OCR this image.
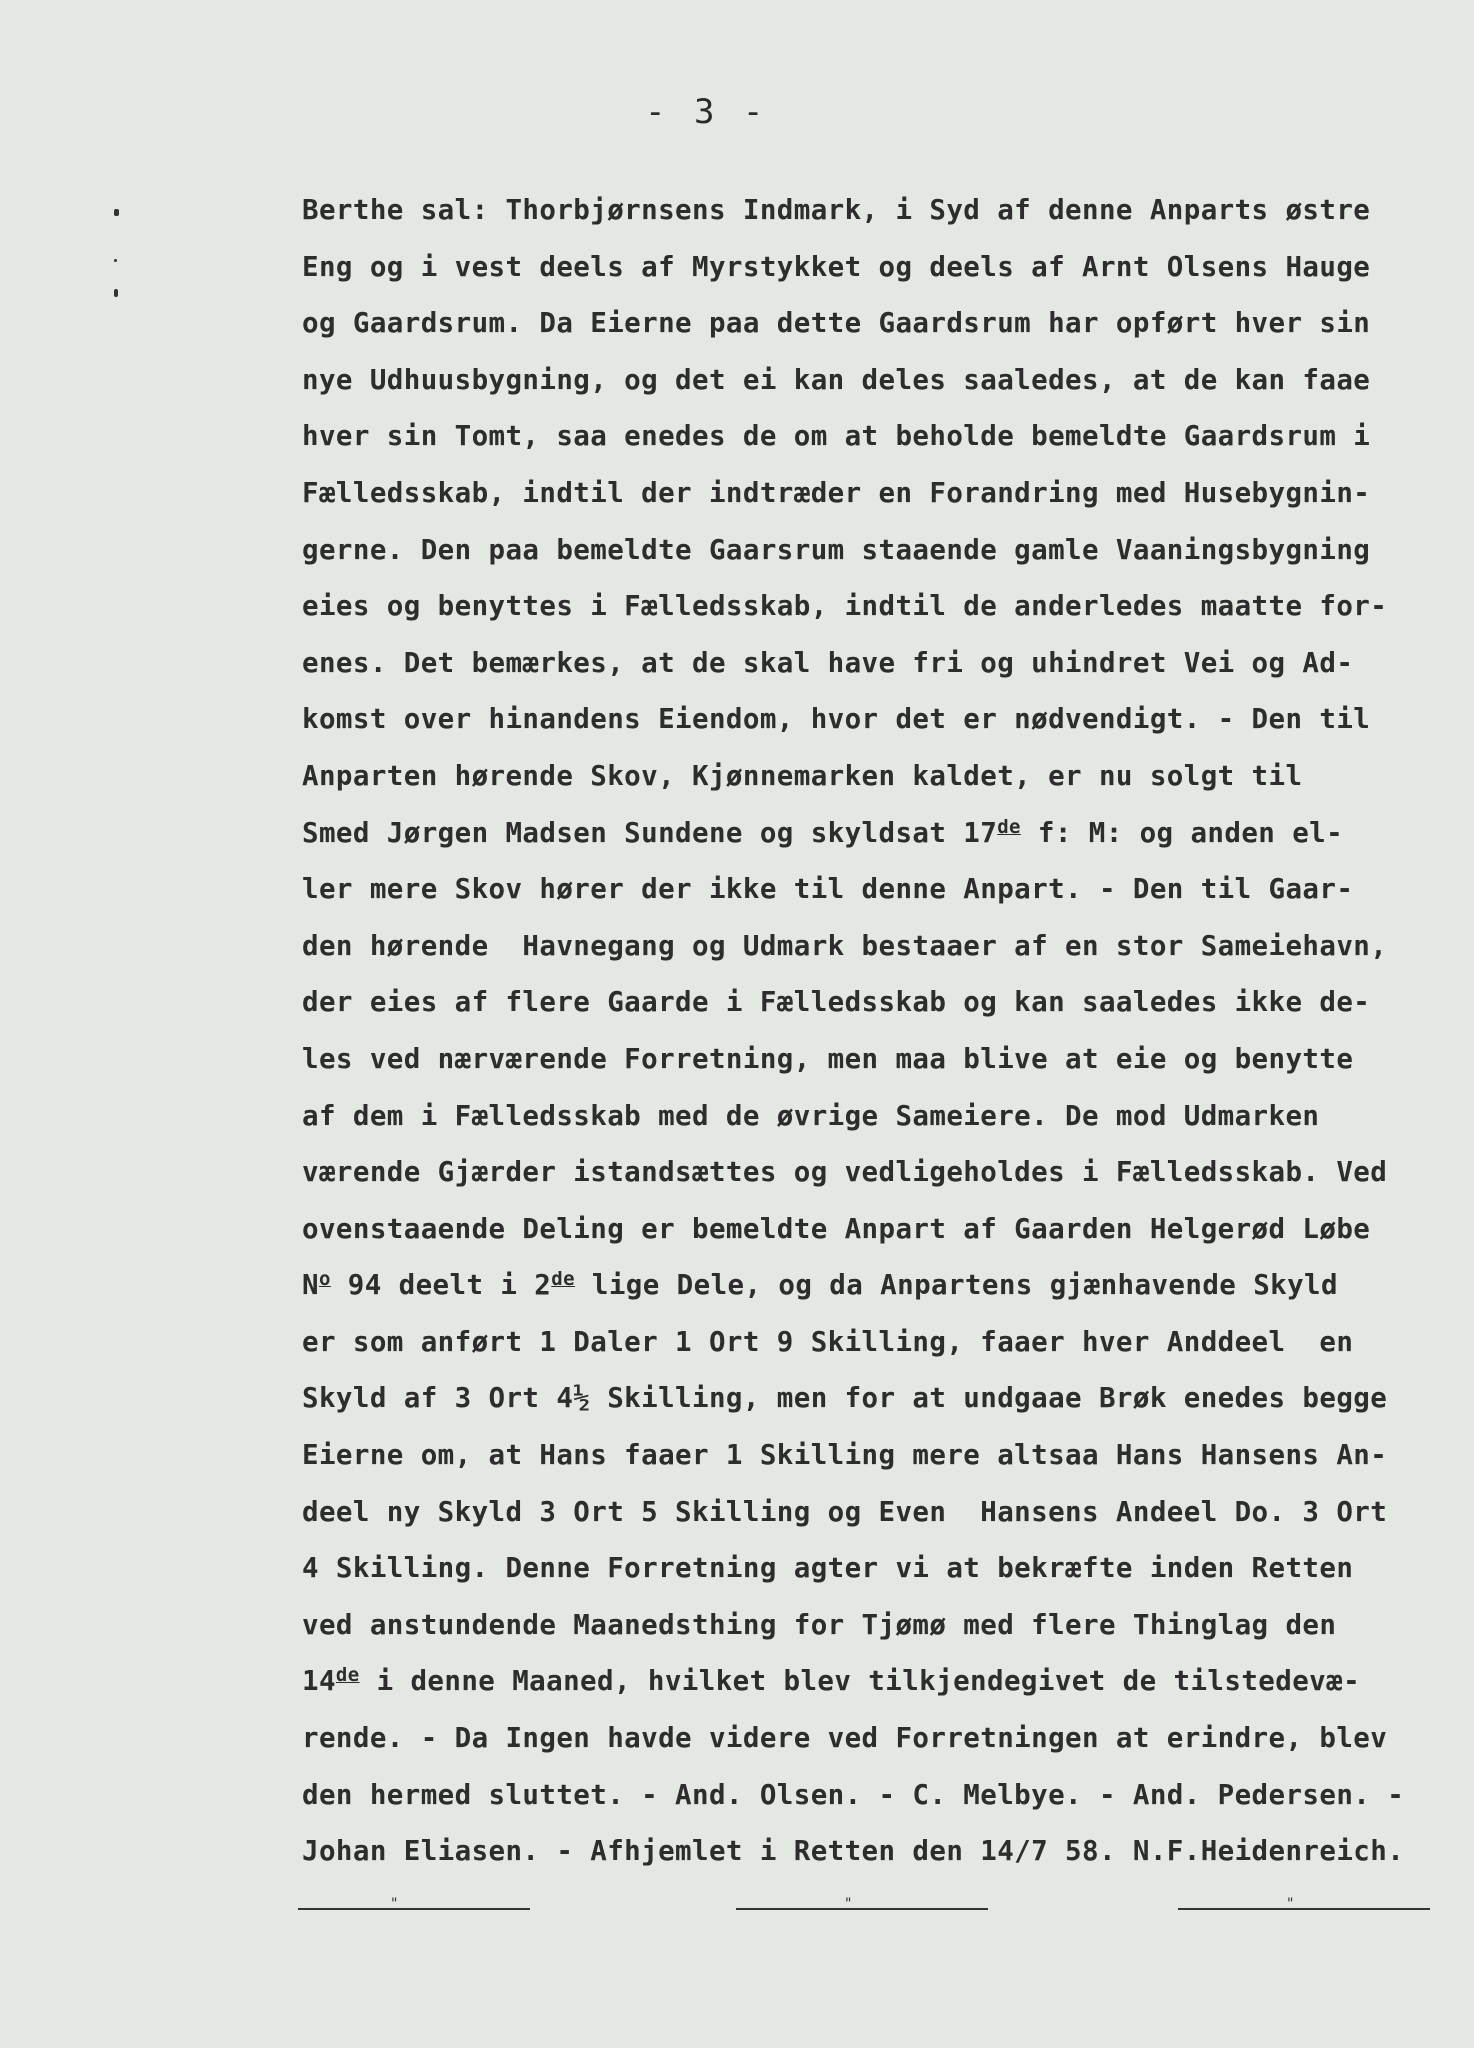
- 3 -
Berthe sal: Thorbjørnsens Indmark, i Syd af denne Anparts østre
Eng og i vest deels af Myrstykket og deels af Arnt Olsens Hauge
og Gaardsrum. Da Eierne paa dette Gaardsrum har opført hver sin
nye Udhuusbygning, og det ei kan deles saaledes, at de kan faae
hver sin Tomt, saa enedes de om at beholde bemeldte Gaardsrum i
Fælledsskab, indtil der indtræder en Forandring med Husebygnin-
gerne. Den paa bemeldte Gaarsrum staaende gamle Vaaningsbygning
eies og benyttes i Fælledsskab, indtil de anderledes maatte for-
enes. Det bemærkes, at de skal have fri og uhindret Vei og Ad-
komst over hinandens Eiendom, hvor det er nødvendigt. - Den til
Anparten hørende Skov, Kjønnemarken kaldet, er nu solgt til
Smed Jørgen Madsen Sundene og skyldsat 17de f: M: og anden el-
ler mere Skov hører der ikke til denne Anpart. - Den til Gaar-
den hørende  Havnegang og Udmark bestaaer af en stor Sameiehavn,
der eies af flere Gaarde i Fælledsskab og kan saaledes ikke de-
les ved nærværende Forretning, men maa blive at eie og benytte
af dem i Fælledsskab med de øvrige Sameiere. De mod Udmarken
værende Gjærder istandsættes og vedligeholdes i Fælledsskab. Ved
ovenstaaende Deling er bemeldte Anpart af Gaarden Helgerød Løbe
$N^o$ 94 deelt i 2de lige Dele, og da Anpartens gjænhavende Skyld
er som anført 1 Daler 1 Ort 9 Skilling, faaer hver Anddeel  en
Skyld af 3 Ort 4½ Skilling, men for at undgaae Brøk enedes begge
Eierne om, at Hans faaer 1 Skilling mere altsaa Hans Hansens An-
deel ny Skyld 3 Ort 5 Skilling og Even  Hansens Andeel Do. 3 Ort
4 Skilling. Denne Forretning agter vi at bekræfte inden Retten
ved anstundende Maanedsthing for Tjømø med flere Thinglag den
14de i denne Maaned, hvilket blev tilkjendegivet de tilstedevæ-
rende. - Da Ingen havde videre ved Forretningen at erindre, blev
den hermed sluttet. - And. Olsen. - C. Melbye. - And. Pedersen. -
Johan Eliasen. - Afhjemlet i Retten den 14/7 58. N.F.Heidenreich.
"	"	"
